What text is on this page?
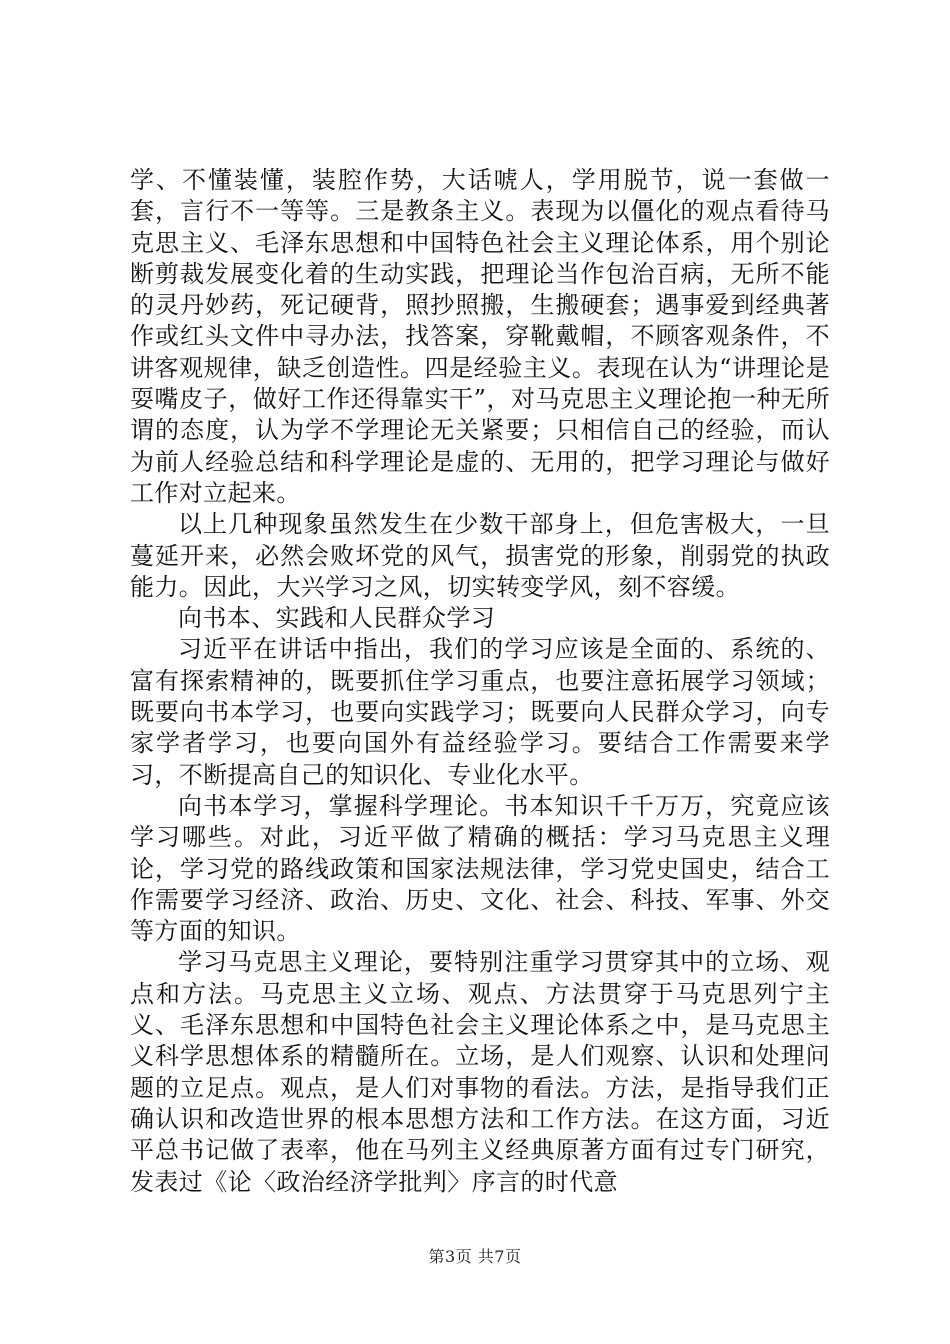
学、不懂装懂，装腔作势，大话唬人，学用脱节，说一套做一套，言行不一等等。三是教条主义。表现为以僵化的观点看待马克思主义、毛泽东思想和中国特色社会主义理论体系，用个别论断剪裁发展变化着的生动实践，把理论当作包治百病，无所不能的灵丹妙药，死记硬背，照抄照搬，生搬硬套；遇事爱到经典著作或红头文件中寻办法，找答案，穿靴戴帽，不顾客观条件，不讲客观规律，缺乏创造性。四是经验主义。表现在认为“讲理论是耍嘴皮子，做好工作还得靠实干”，对马克思主义理论抱一种无所谓的态度，认为学不学理论无关紧要；只相信自己的经验，而认为前人经验总结和科学理论是虚的、无用的，把学习理论与做好工作对立起来。

以上几种现象虽然发生在少数干部身上，但危害极大，一旦蔓延开来，必然会败坏党的风气，损害党的形象，削弱党的执政能力。因此，大兴学习之风，切实转变学风，刻不容缓。

向书本、实践和人民群众学习

习近平在讲话中指出，我们的学习应该是全面的、系统的、富有探索精神的，既要抓住学习重点，也要注意拓展学习领域；既要向书本学习，也要向实践学习；既要向人民群众学习，向专家学者学习，也要向国外有益经验学习。要结合工作需要来学习，不断提高自己的知识化、专业化水平。

向书本学习，掌握科学理论。书本知识千千万万，究竟应该学习哪些。对此，习近平做了精确的概括：学习马克思主义理论，学习党的路线政策和国家法规法律，学习党史国史，结合工作需要学习经济、政治、历史、文化、社会、科技、军事、外交等方面的知识。

学习马克思主义理论，要特别注重学习贯穿其中的立场、观点和方法。马克思主义立场、观点、方法贯穿于马克思列宁主义、毛泽东思想和中国特色社会主义理论体系之中，是马克思主义科学思想体系的精髓所在。立场，是人们观察、认识和处理问题的立足点。观点，是人们对事物的看法。方法，是指导我们正确认识和改造世界的根本思想方法和工作方法。在这方面，习近平总书记做了表率，他在马列主义经典原著方面有过专门研究，发表过《论〈政治经济学批判〉序言的时代意

第3页 共7页
